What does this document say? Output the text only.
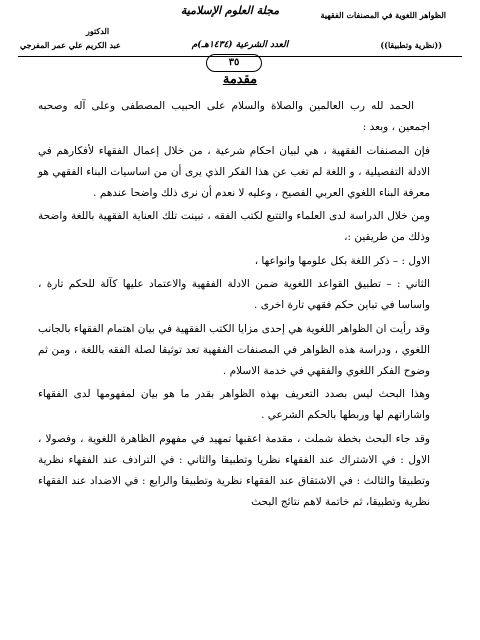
الظواهر اللغوية في المصنفات الفقهية
((نظرية وتطبيقا))
مجلة العلوم الإسلامية
العدد الشرعية (١٤٣٤هـ)م
٣٥
الدكتور
عبد الكريم علي عمر المفرجي
مقدمة

الحمد لله رب العالمين والصلاة والسلام على الحبيب المصطفى وعلى آله وصحبه اجمعين ، وبعد :

فإن المصنفات الفقهية ، هي لبيان احكام شرعية ، من خلال إعمال الفقهاء لأفكارهم في الادلة التفصيلية ، و اللغة لم تغب عن هذا الفكر الذي يرى أن من اساسيات البناء الفقهي هو معرفة البناء اللغوي العربي الفصيح ، وعليه لا نعدم أن نرى ذلك واضحا عندهم .

ومن خلال الدراسة لدى العلماء والتتبع لكتب الفقه ، تبينت تلك العناية الفقهية باللغة واضحة وذلك من طريقين :،

الاول : – ذكر اللغة بكل علومها وانواعها ،

الثاني : – تطبيق القواعد اللغوية ضمن الادلة الفقهية والاعتماد عليها كآلة للحكم تارة ، واساسا في تباين حكم فقهي تارة اخرى .

وقد رأيت ان الظواهر اللغوية هي إحدى مزايا الكتب الفقهية في بيان اهتمام الفقهاء بالجانب اللغوي ، ودراسة هذه الظواهر في المصنفات الفقهية تعد توثيقا لصلة الفقه باللغة ، ومن ثم وضوح الفكر اللغوي والفقهي في خدمة الاسلام .

وهذا البحث ليس بصدد التعريف بهذه الظواهر بقدر ما هو بيان لمفهومها لدى الفقهاء واشاراتهم لها وربطها بالحكم الشرعي .

وقد جاء البحث بخطة شملت ، مقدمة اعقبها تمهيد في مفهوم الظاهرة اللغوية ، وفصولا ، الاول : في الاشتراك عند الفقهاء نظريا وتطبيقا والثاني : في الترادف عند الفقهاء نظرية وتطبيقا والثالث : في الاشتقاق عند الفقهاء نظرية وتطبيقا والرابع : في الاضداد عند الفقهاء نظرية وتطبيقا، ثم خاتمة لاهم نتائج البحث
